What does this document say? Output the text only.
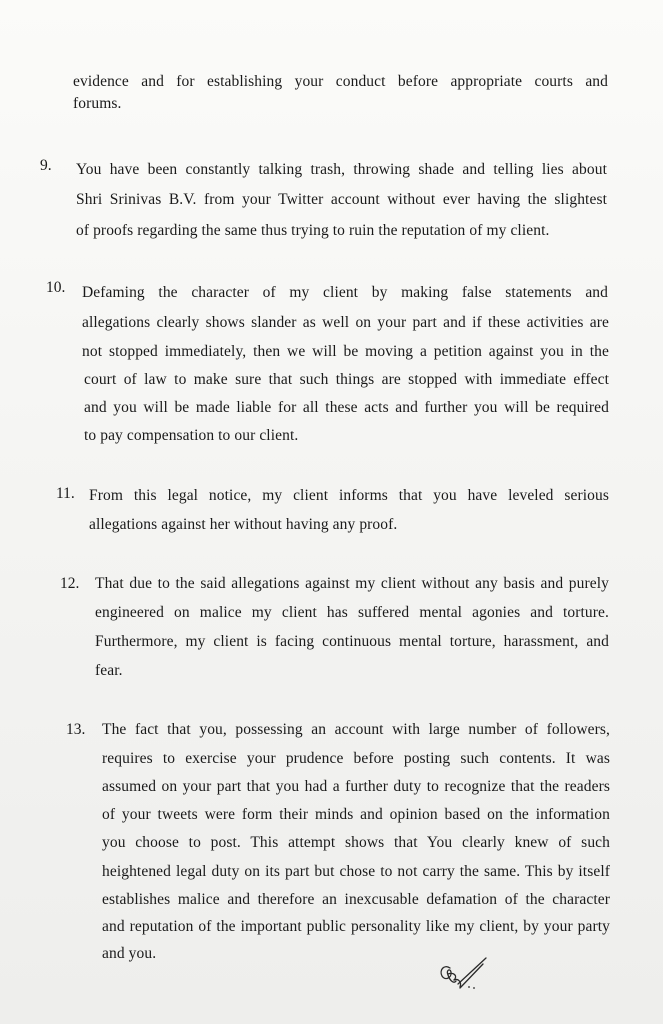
evidence and for establishing your conduct before appropriate courts and
forums.
9. You have been constantly talking trash, throwing shade and telling lies about
Shri Srinivas B.V. from your Twitter account without ever having the slightest
of proofs regarding the same thus trying to ruin the reputation of my client.
10. Defaming the character of my client by making false statements and
allegations clearly shows slander as well on your part and if these activities are
not stopped immediately, then we will be moving a petition against you in the
court of law to make sure that such things are stopped with immediate effect
and you will be made liable for all these acts and further you will be required
to pay compensation to our client.
11. From this legal notice, my client informs that you have leveled serious
allegations against her without having any proof.
12. That due to the said allegations against my client without any basis and purely
engineered on malice my client has suffered mental agonies and torture.
Furthermore, my client is facing continuous mental torture, harassment, and
fear.
13. The fact that you, possessing an account with large number of followers,
requires to exercise your prudence before posting such contents. It was
assumed on your part that you had a further duty to recognize that the readers
of your tweets were form their minds and opinion based on the information
you choose to post. This attempt shows that You clearly knew of such
heightened legal duty on its part but chose to not carry the same. This by itself
establishes malice and therefore an inexcusable defamation of the character
and reputation of the important public personality like my client, by your party
and you.
